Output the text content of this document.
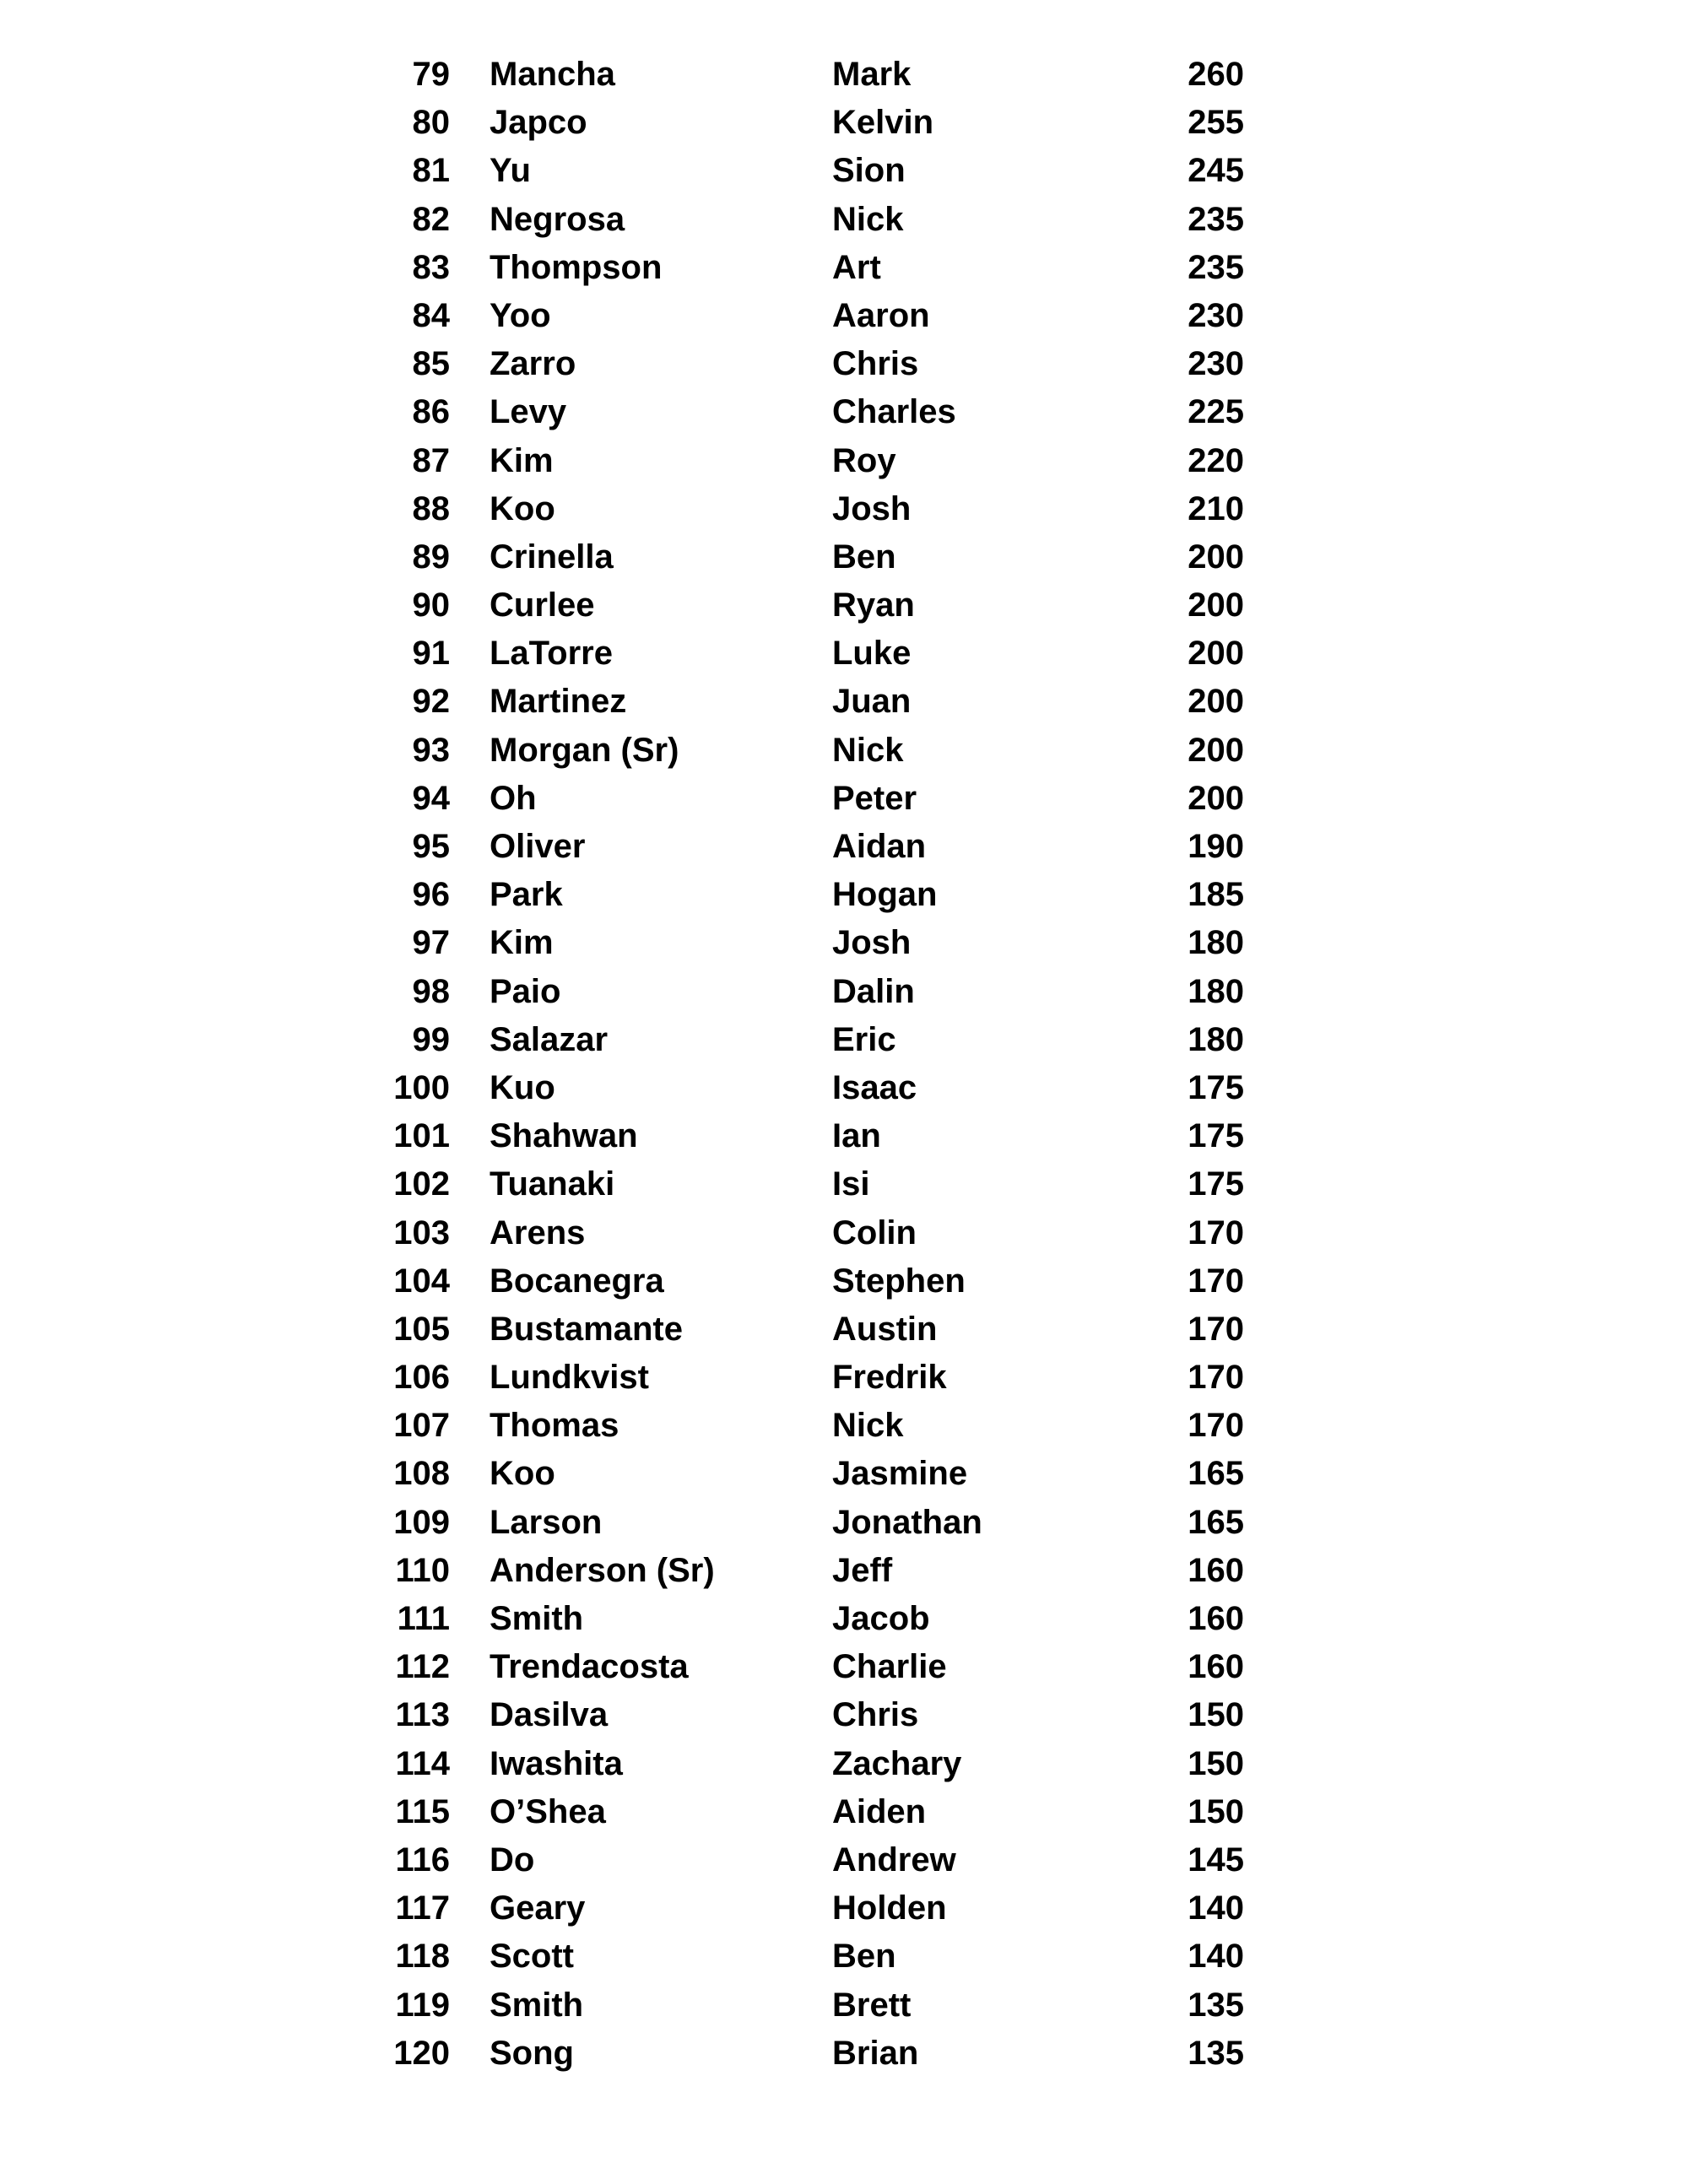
79 Mancha	Mark	260
80 Japco	Kelvin	255
81 Yu	Sion	245
82 Negrosa	Nick	235
83 Thompson	Art	235
84 Yoo	Aaron	230
85 Zarro	Chris	230
86 Levy	Charles	225
87 Kim	Roy	220
88 Koo	Josh	210
89 Crinella	Ben	200
90 Curlee	Ryan	200
91 LaTorre	Luke	200
92 Martinez	Juan	200
93 Morgan (Sr)	Nick	200
94 Oh	Peter	200
95 Oliver	Aidan	190
96 Park	Hogan	185
97 Kim	Josh	180
98 Paio	Dalin	180
99 Salazar	Eric	180
100 Kuo	Isaac	175
101 Shahwan	Ian	175
102 Tuanaki	Isi	175
103 Arens	Colin	170
104 Bocanegra	Stephen	170
105 Bustamante	Austin	170
106 Lundkvist	Fredrik	170
107 Thomas	Nick	170
108 Koo	Jasmine	165
109 Larson	Jonathan	165
110 Anderson (Sr)	Jeff	160
111 Smith	Jacob	160
112 Trendacosta	Charlie	160
113 Dasilva	Chris	150
114 Iwashita	Zachary	150
115 O’Shea	Aiden	150
116 Do	Andrew	145
117 Geary	Holden	140
118 Scott	Ben	140
119 Smith	Brett	135
120 Song	Brian	135
